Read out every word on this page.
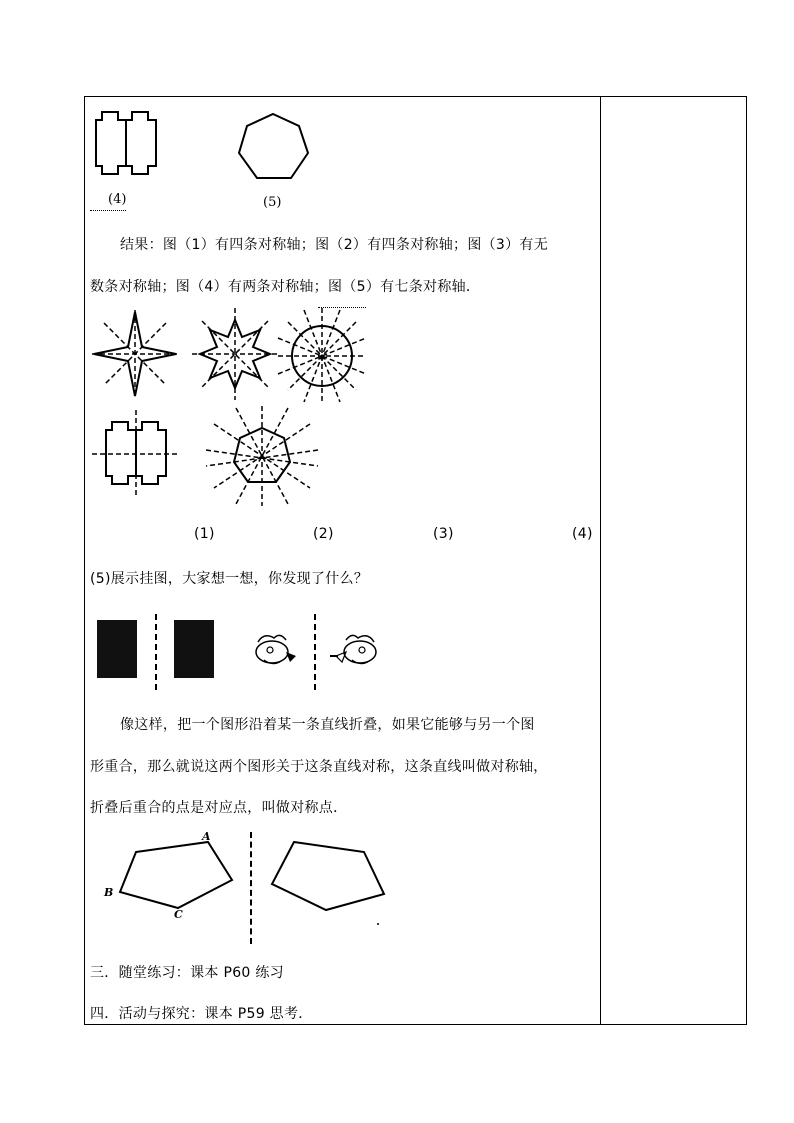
(4)	(5)
结果：图（1）有四条对称轴；图（2）有四条对称轴；图（3）有无
数条对称轴；图（4）有两条对称轴；图（5）有七条对称轴．
(1)	(2)	(3)	(4)
(5)展示挂图，大家想一想，你发现了什么？
像这样，把一个图形沿着某一条直线折叠，如果它能够与另一个图
形重合，那么就说这两个图形关于这条直线对称，这条直线叫做对称轴，
折叠后重合的点是对应点，叫做对称点．
A
B
C
三．随堂练习：课本 P60 练习
四．活动与探究：课本 P59 思考．
